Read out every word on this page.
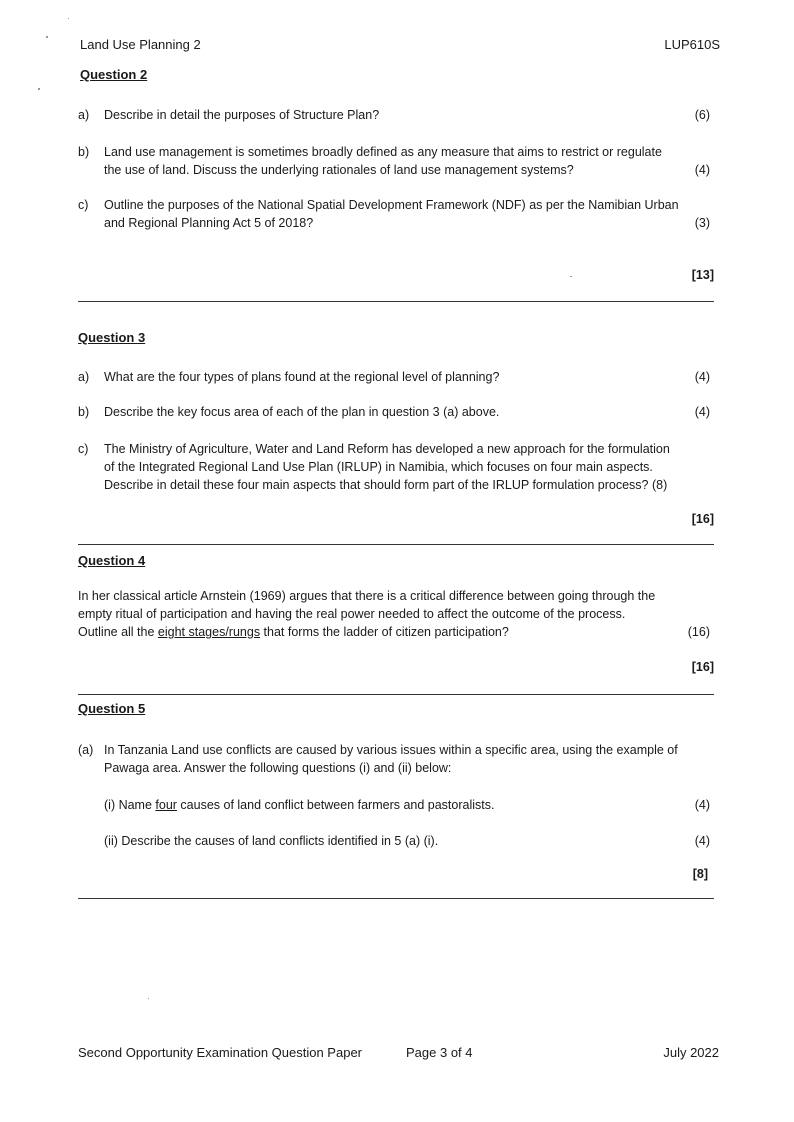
Land Use Planning 2	LUP610S
Question 2
a) Describe in detail the purposes of Structure Plan?	(6)
b) Land use management is sometimes broadly defined as any measure that aims to restrict or regulate
the use of land. Discuss the underlying rationales of land use management systems?	(4)
c) Outline the purposes of the National Spatial Development Framework (NDF) as per the Namibian Urban
and Regional Planning Act 5 of 2018?	(3)
[13]
Question 3
a) What are the four types of plans found at the regional level of planning?	(4)
b) Describe the key focus area of each of the plan in question 3 (a) above.	(4)
c) The Ministry of Agriculture, Water and Land Reform has developed a new approach for the formulation
of the Integrated Regional Land Use Plan (IRLUP) in Namibia, which focuses on four main aspects.
Describe in detail these four main aspects that should form part of the IRLUP formulation process? (8)
[16]
Question 4
In her classical article Arnstein (1969) argues that there is a critical difference between going through the
empty ritual of participation and having the real power needed to affect the outcome of the process.
Outline all the eight stages/rungs that forms the ladder of citizen participation?	(16)
[16]
Question 5
(a) In Tanzania Land use conflicts are caused by various issues within a specific area, using the example of
Pawaga area. Answer the following questions (i) and (ii) below:
(i) Name four causes of land conflict between farmers and pastoralists.	(4)
(ii) Describe the causes of land conflicts identified in 5 (a) (i).	(4)
[8]
Second Opportunity Examination Question Paper	Page 3 of 4	July 2022
